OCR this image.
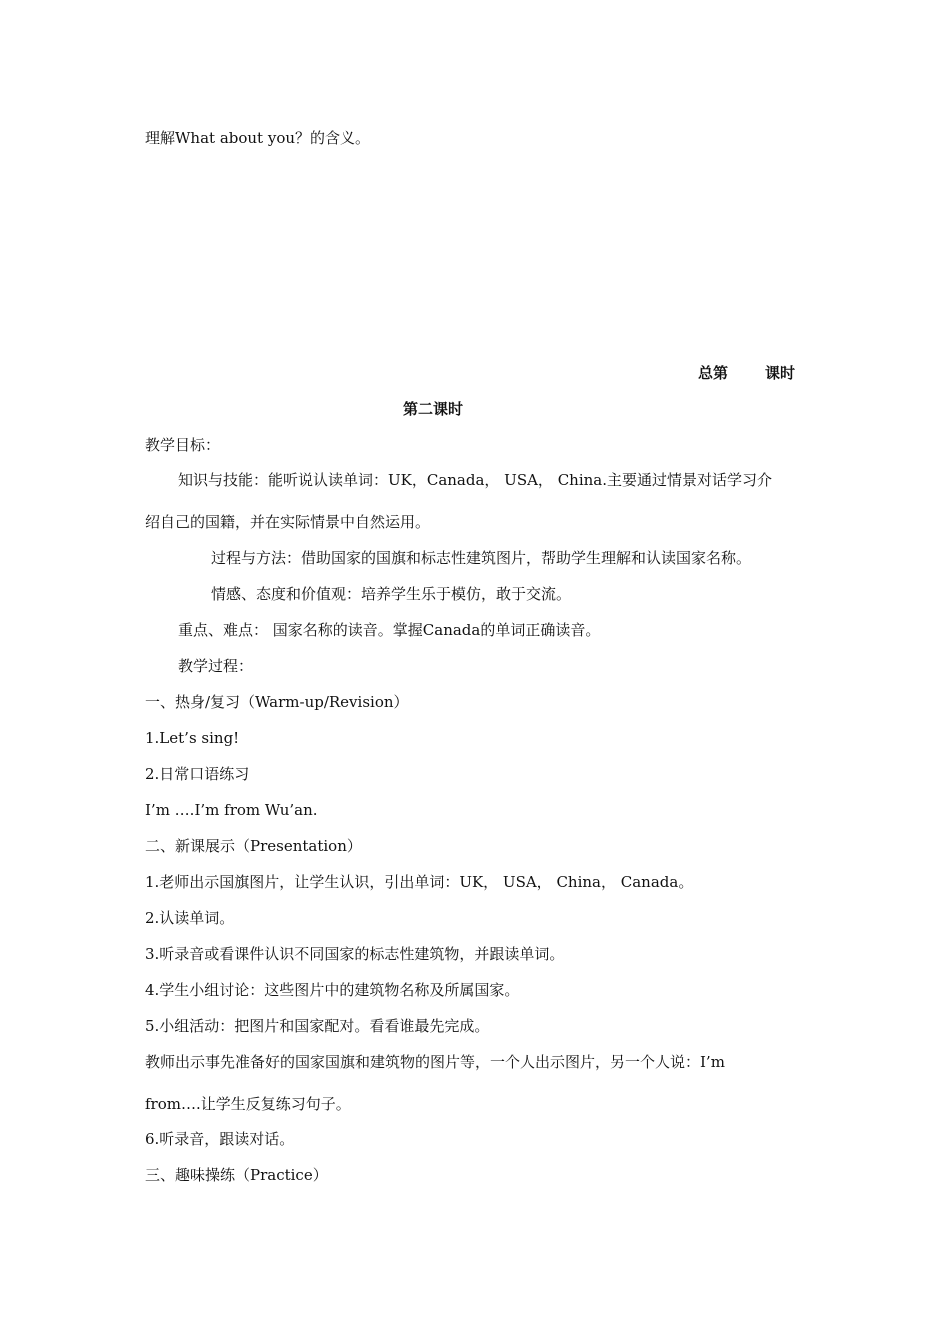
理解What about you？的含义。
总第 课时
第二课时
教学目标：
知识与技能：能听说认读单词：UK，Canada， USA， China.主要通过情景对话学习介
绍自己的国籍，并在实际情景中自然运用。
过程与方法：借助国家的国旗和标志性建筑图片，帮助学生理解和认读国家名称。
情感、态度和价值观：培养学生乐于模仿，敢于交流。
重点、难点： 国家名称的读音。掌握Canada的单词正确读音。
教学过程：
一、热身/复习（Warm-up/Revision）
1.Let’s sing!
2.日常口语练习
I’m ….I’m from Wu’an.
二、新课展示（Presentation）
1.老师出示国旗图片，让学生认识，引出单词：UK， USA， China， Canada。
2.认读单词。
3.听录音或看课件认识不同国家的标志性建筑物，并跟读单词。
4.学生小组讨论：这些图片中的建筑物名称及所属国家。
5.小组活动：把图片和国家配对。看看谁最先完成。
教师出示事先准备好的国家国旗和建筑物的图片等，一个人出示图片，另一个人说：I’m
from….让学生反复练习句子。
6.听录音，跟读对话。
三、趣味操练（Practice）
